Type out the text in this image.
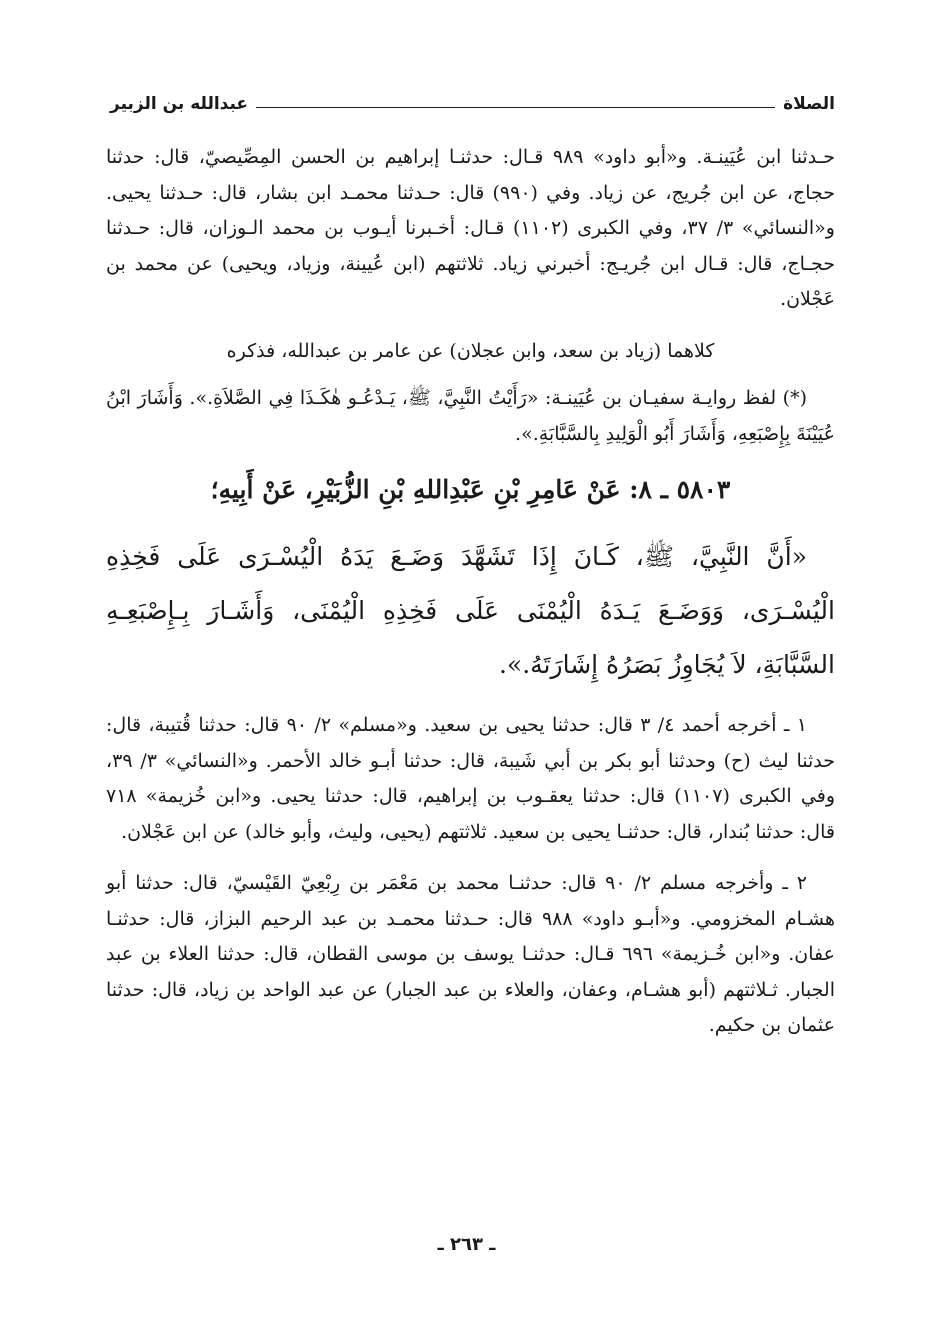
الصلاة
عبدالله بن الزبير

حـدثنا ابن عُيَينـة. و«أبو داود» ٩٨٩ قـال: حدثنـا إبراهيم بن الحسن المِصِّيصيّ، قال: حدثنا حجاج، عن ابن جُريج، عن زياد. وفي (٩٩٠) قال: حـدثنا محمـد ابن بشار، قال: حـدثنا يحيى. و«النسائي» ٣/ ٣٧، وفي الكبرى (١١٠٢) قـال: أخـبرنا أيـوب بن محمد الـوزان، قال: حـدثنا حجـاج، قال: قـال ابن جُريـج: أخبرني زياد. ثلاثتهم (ابن عُيينة، وزياد، ويحيى) عن محمد بن عَجْلان.

كلاهما (زياد بن سعد، وابن عجلان) عن عامر بن عبدالله، فذكره

(*) لفظ روايـة سفيـان بن عُيَينـة: «رَأَيْتُ النَّبِيَّ، ﷺ، يَـدْعُـو هٰكَـذَا فِي الصَّلاَةِ.». وَأَشَارَ ابْنُ عُيَيْنَةَ بِإِصْبَعِهِ، وَأَشَارَ أَبُو الْوَلِيدِ بِالسَّبَّابَةِ.».

٥٨٠٣ ـ ٨: عَنْ عَامِرِ بْنِ عَبْدِاللهِ بْنِ الزُّبَيْرِ، عَنْ أَبِيهِ؛

«أَنَّ النَّبِيَّ، ﷺ، كَـانَ إِذَا تَشَهَّدَ وَضَـعَ يَدَهُ الْيُسْـرَى عَلَى فَخِذِهِ الْيُسْـرَى، وَوَضَـعَ يَـدَهُ الْيُمْنَى عَلَى فَخِذِهِ الْيُمْنَى، وَأَشَـارَ بِـإِصْبَعِـهِ السَّبَّابَةِ، لاَ يُجَاوِزُ بَصَرُهُ إِشَارَتَهُ.».

١ ـ أخرجه أحمد ٤/ ٣ قال: حدثنا يحيى بن سعيد. و«مسلم» ٢/ ٩٠ قال: حدثنا قُتيبة، قال: حدثنا ليث (ح) وحدثنا أبو بكر بن أبي شَيبة، قال: حدثنا أبـو خالد الأحمر. و«النسائي» ٣/ ٣٩، وفي الكبرى (١١٠٧) قال: حدثنا يعقـوب بن إبراهيم، قال: حدثنا يحيى. و«ابن خُزيمة» ٧١٨ قال: حدثنا بُندار، قال: حدثنـا يحيى بن سعيد. ثلاثتهم (يحيى، وليث، وأبو خالد) عن ابن عَجْلان.

٢ ـ وأخرجه مسلم ٢/ ٩٠ قال: حدثنـا محمد بن مَعْمَر بن رِبْعِيّ القَيْسيّ، قال: حدثنا أبو هشـام المخزومي. و«أبـو داود» ٩٨٨ قال: حـدثنا محمـد بن عبد الرحيم البزاز، قال: حدثنـا عفان. و«ابن خُـزيمة» ٦٩٦ قـال: حدثنـا يوسف بن موسى القطان، قال: حدثنا العلاء بن عبد الجبار. ثـلاثتهم (أبو هشـام، وعفان، والعلاء بن عبد الجبار) عن عبد الواحد بن زياد، قال: حدثنا عثمان بن حكيم.

ـ ٢٦٣ ـ
